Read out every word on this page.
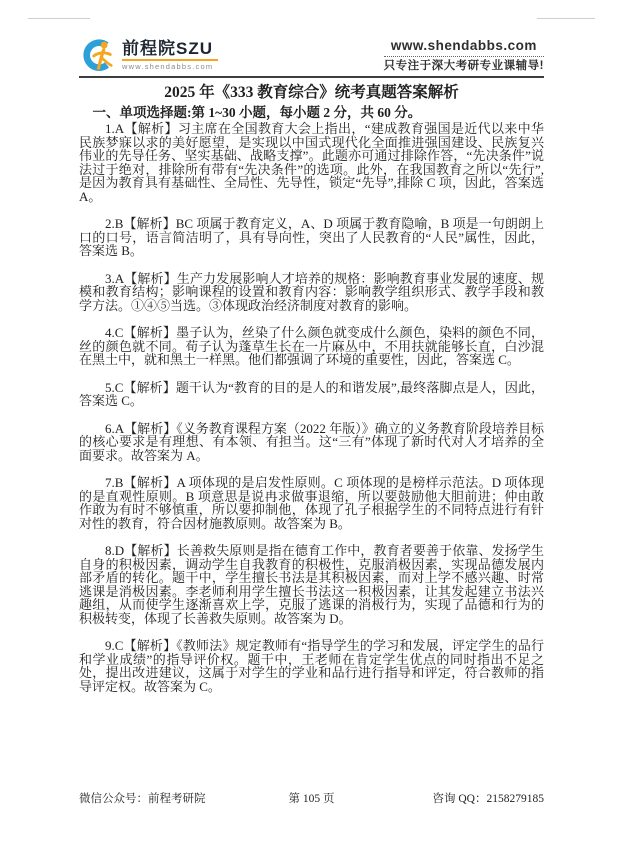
前程院SZU
www.shendabbs.com
www.shendabbs.com
只专注于深大考研专业课辅导!
2025 年《333 教育综合》统考真题答案解析
一、单项选择题:第 1~30 小题，每小题 2 分，共 60 分。

1.A【解析】习主席在全国教育大会上指出，“建成教育强国是近代以来中华民族梦寐以求的美好愿望，是实现以中国式现代化全面推进强国建设、民族复兴伟业的先导任务、坚实基础、战略支撑”。此题亦可通过排除作答，“先决条件”说法过于绝对，排除所有带有“先决条件”的选项。此外，在我国教育之所以“先行”,是因为教育具有基础性、全局性、先导性，锁定“先导”,排除 C 项，因此，答案选 A。

2.B【解析】BC 项属于教育定义，A、D 项属于教育隐喻，B 项是一句朗朗上口的口号，语言简洁明了，具有导向性，突出了人民教育的“人民”属性，因此，答案选 B。

3.A【解析】生产力发展影响人才培养的规格：影响教育事业发展的速度、规模和教育结构；影响课程的设置和教育内容：影响教学组织形式、教学手段和教学方法。①④⑤当选。③体现政治经济制度对教育的影响。

4.C【解析】墨子认为，丝染了什么颜色就变成什么颜色，染料的颜色不同，丝的颜色就不同。荀子认为蓬草生长在一片麻丛中，不用扶就能够长直，白沙混在黑土中，就和黑土一样黑。他们都强调了环境的重要性，因此，答案选 C。

5.C【解析】题干认为“教育的目的是人的和谐发展”,最终落脚点是人，因此，答案选 C。

6.A【解析】《义务教育课程方案（2022 年版）》确立的义务教育阶段培养目标的核心要求是有理想、有本领、有担当。这“三有”体现了新时代对人才培养的全面要求。故答案为 A。

7.B【解析】A 项体现的是启发性原则。C 项体现的是榜样示范法。D 项体现的是直观性原则。B 项意思是说冉求做事退缩，所以要鼓励他大胆前进；仲由敢作敢为有时不够慎重，所以要抑制他，体现了孔子根据学生的不同特点进行有针对性的教育，符合因材施教原则。故答案为 B。

8.D【解析】长善救失原则是指在德育工作中，教育者要善于依靠、发扬学生自身的积极因素，调动学生自我教育的积极性，克服消极因素，实现品德发展内部矛盾的转化。题干中，学生擅长书法是其积极因素，而对上学不感兴趣、时常逃课是消极因素。李老师利用学生擅长书法这一积极因素，让其发起建立书法兴趣组，从而使学生逐渐喜欢上学，克服了逃课的消极行为，实现了品德和行为的积极转变，体现了长善救失原则。故答案为 D。

9.C【解析】《教师法》规定教师有“指导学生的学习和发展，评定学生的品行和学业成绩”的指导评价权。题干中，王老师在肯定学生优点的同时指出不足之处，提出改进建议，这属于对学生的学业和品行进行指导和评定，符合教师的指导评定权。故答案为 C。

第 105 页
微信公众号：前程考研院	咨询 QQ：2158279185
